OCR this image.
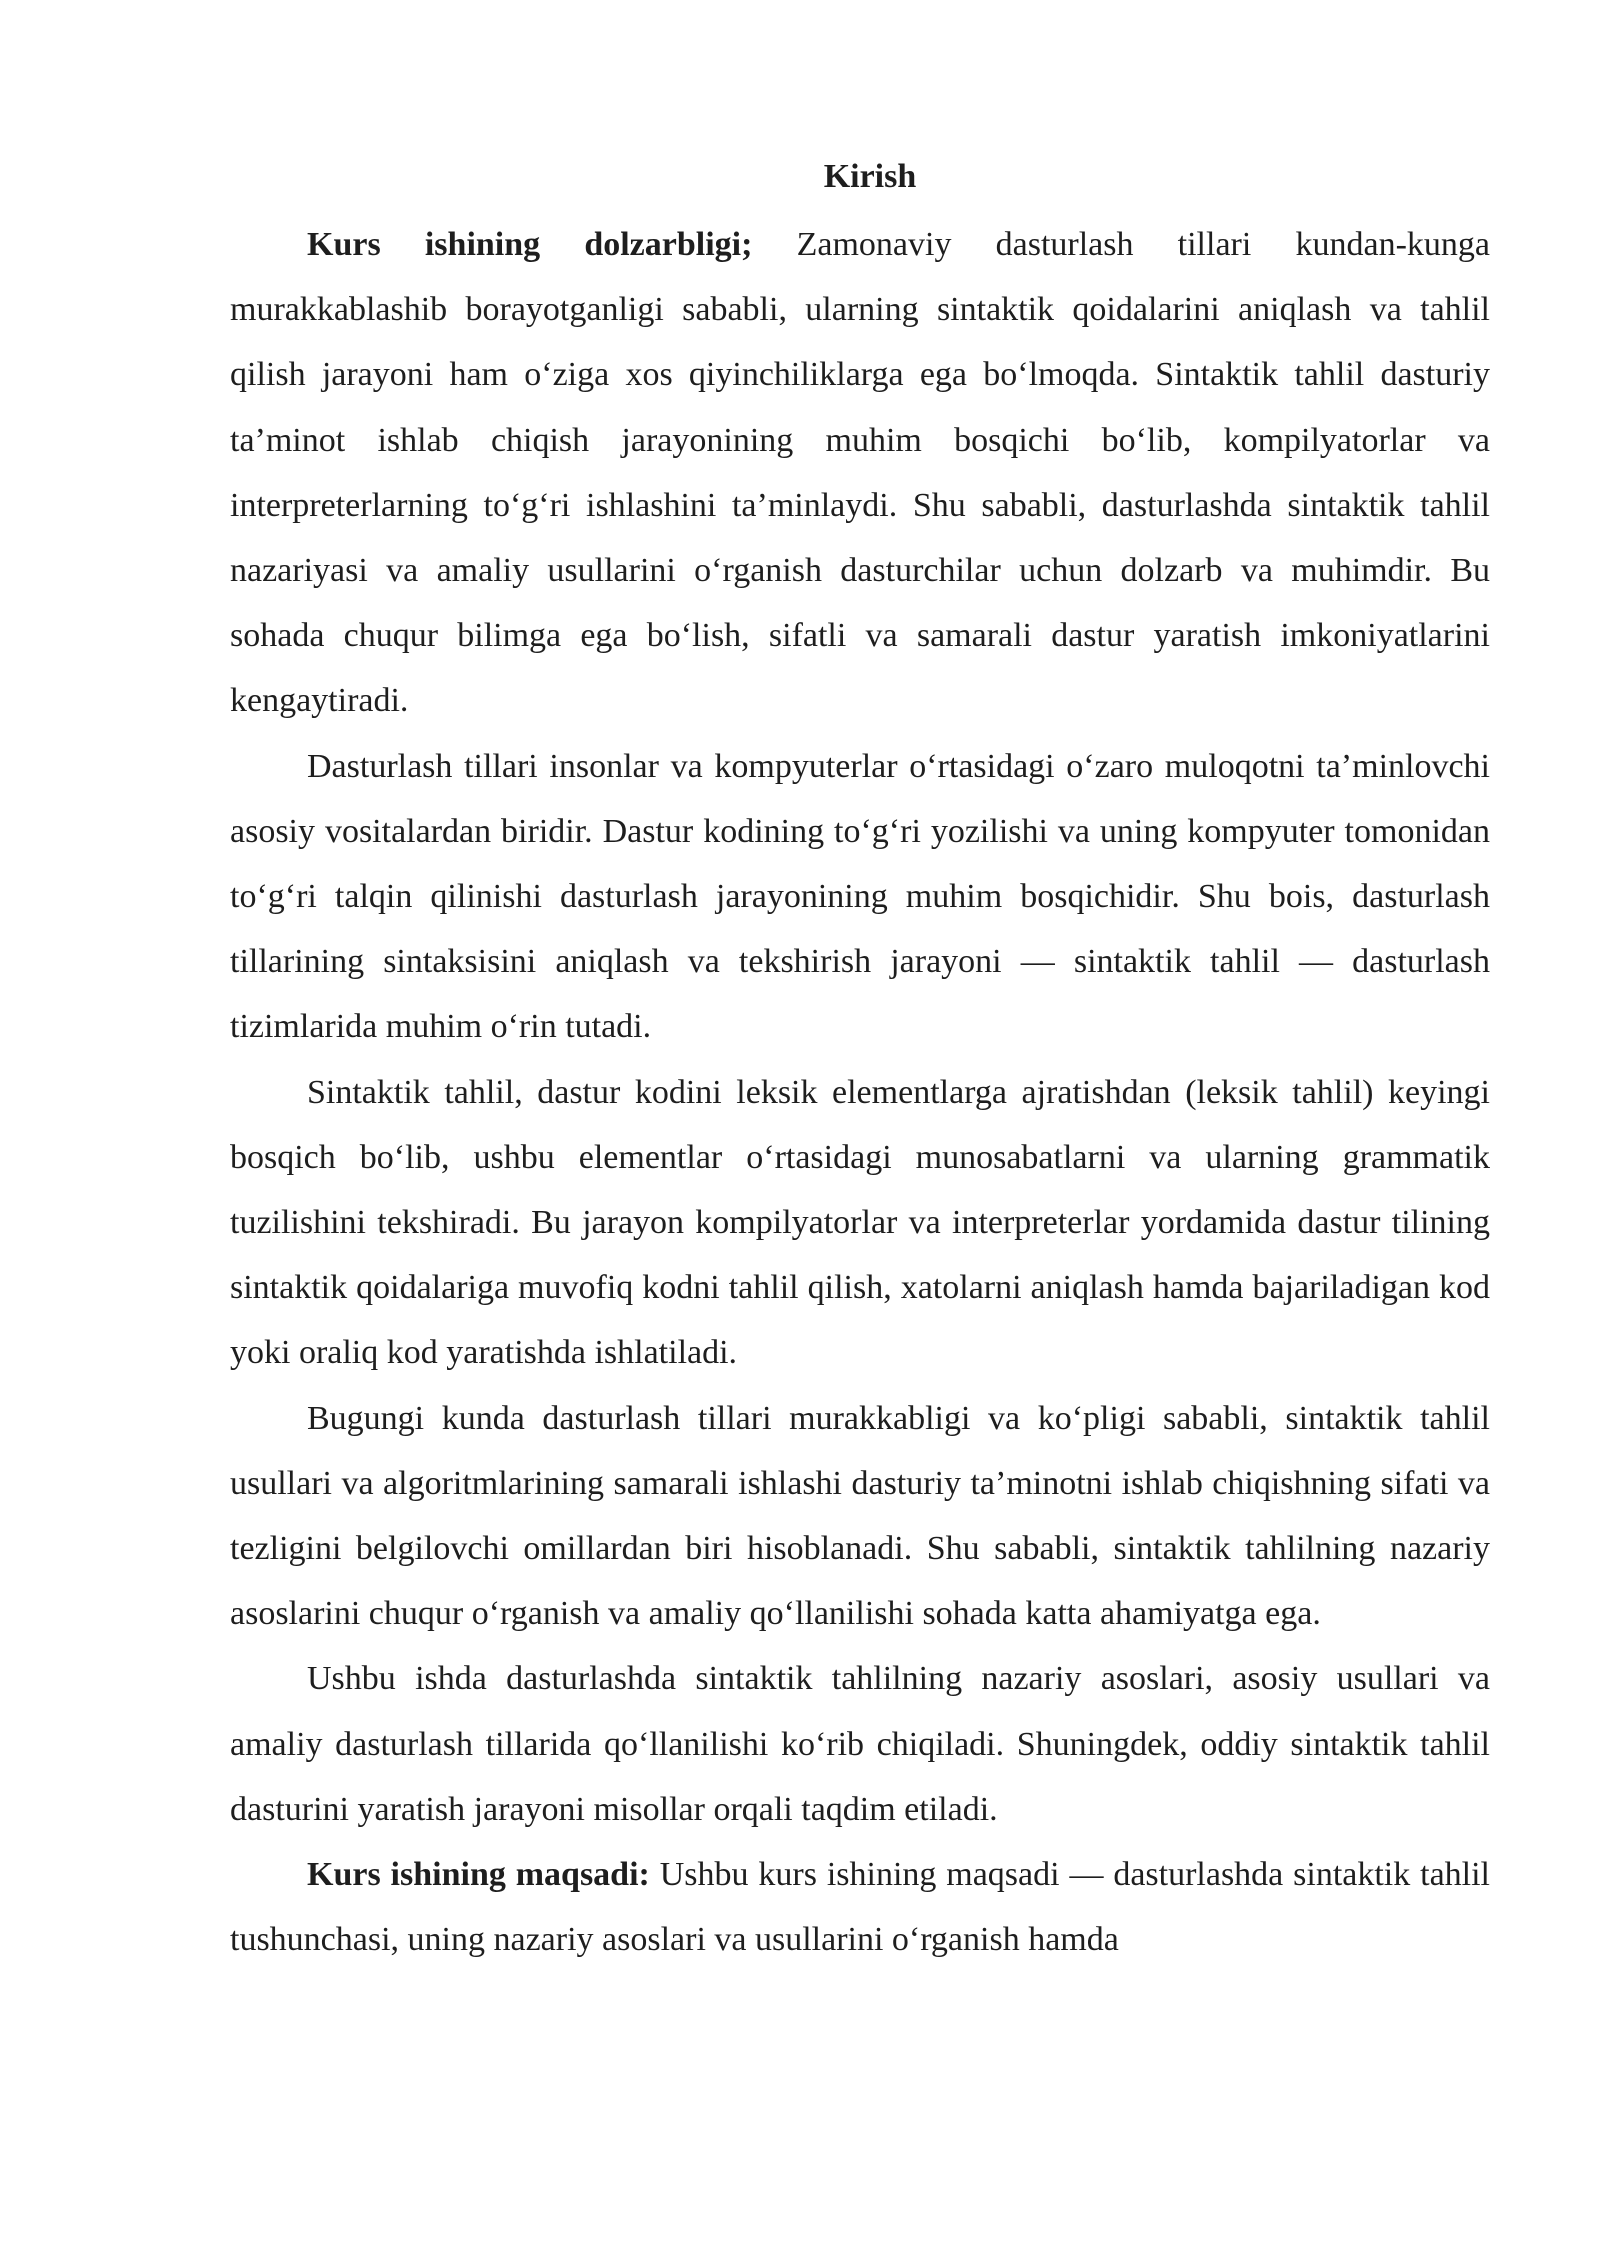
Kirish

Kurs ishining dolzarbligi; Zamonaviy dasturlash tillari kundan-kunga murakkablashib borayotganligi sababli, ularning sintaktik qoidalarini aniqlash va tahlil qilish jarayoni ham o‘ziga xos qiyinchiliklarga ega bo‘lmoqda. Sintaktik tahlil dasturiy ta’minot ishlab chiqish jarayonining muhim bosqichi bo‘lib, kompilyatorlar va interpreterlarning to‘g‘ri ishlashini ta’minlaydi. Shu sababli, dasturlashda sintaktik tahlil nazariyasi va amaliy usullarini o‘rganish dasturchilar uchun dolzarb va muhimdir. Bu sohada chuqur bilimga ega bo‘lish, sifatli va samarali dastur yaratish imkoniyatlarini kengaytiradi.

Dasturlash tillari insonlar va kompyuterlar o‘rtasidagi o‘zaro muloqotni ta’minlovchi asosiy vositalardan biridir. Dastur kodining to‘g‘ri yozilishi va uning kompyuter tomonidan to‘g‘ri talqin qilinishi dasturlash jarayonining muhim bosqichidir. Shu bois, dasturlash tillarining sintaksisini aniqlash va tekshirish jarayoni — sintaktik tahlil — dasturlash tizimlarida muhim o‘rin tutadi.

Sintaktik tahlil, dastur kodini leksik elementlarga ajratishdan (leksik tahlil) keyingi bosqich bo‘lib, ushbu elementlar o‘rtasidagi munosabatlarni va ularning grammatik tuzilishini tekshiradi. Bu jarayon kompilyatorlar va interpreterlar yordamida dastur tilining sintaktik qoidalariga muvofiq kodni tahlil qilish, xatolarni aniqlash hamda bajariladigan kod yoki oraliq kod yaratishda ishlatiladi.

Bugungi kunda dasturlash tillari murakkabligi va ko‘pligi sababli, sintaktik tahlil usullari va algoritmlarining samarali ishlashi dasturiy ta’minotni ishlab chiqishning sifati va tezligini belgilovchi omillardan biri hisoblanadi. Shu sababli, sintaktik tahlilning nazariy asoslarini chuqur o‘rganish va amaliy qo‘llanilishi sohada katta ahamiyatga ega.

Ushbu ishda dasturlashda sintaktik tahlilning nazariy asoslari, asosiy usullari va amaliy dasturlash tillarida qo‘llanilishi ko‘rib chiqiladi. Shuningdek, oddiy sintaktik tahlil dasturini yaratish jarayoni misollar orqali taqdim etiladi.

Kurs ishining maqsadi: Ushbu kurs ishining maqsadi — dasturlashda sintaktik tahlil tushunchasi, uning nazariy asoslari va usullarini o‘rganish hamda
